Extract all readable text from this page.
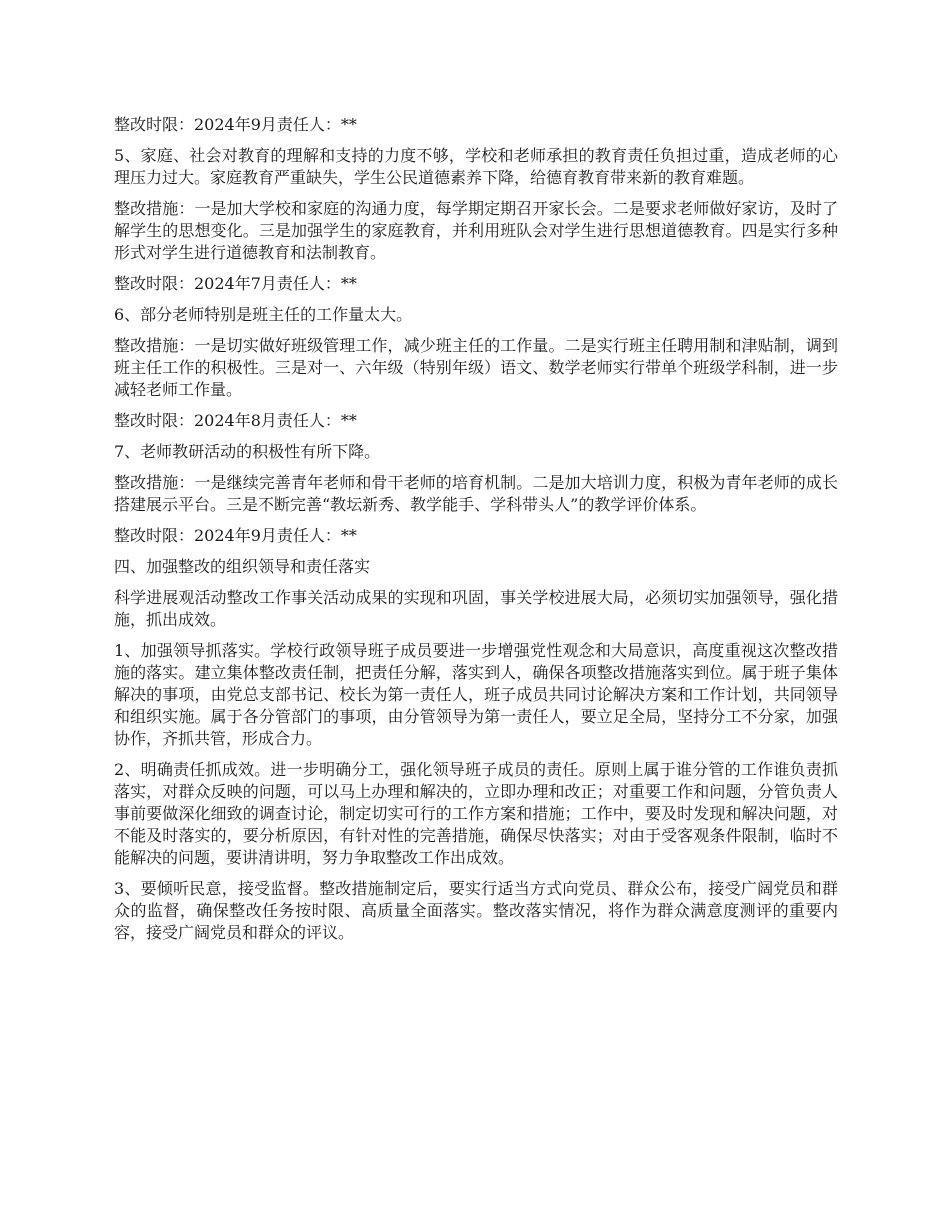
整改时限：2024年9月责任人：**

5、家庭、社会对教育的理解和支持的力度不够，学校和老师承担的教育责任负担过重，造成老师的心理压力过大。家庭教育严重缺失，学生公民道德素养下降，给德育教育带来新的教育难题。

整改措施：一是加大学校和家庭的沟通力度，每学期定期召开家长会。二是要求老师做好家访，及时了解学生的思想变化。三是加强学生的家庭教育，并利用班队会对学生进行思想道德教育。四是实行多种形式对学生进行道德教育和法制教育。

整改时限：2024年7月责任人：**

6、部分老师特别是班主任的工作量太大。

整改措施：一是切实做好班级管理工作，减少班主任的工作量。二是实行班主任聘用制和津贴制，调到班主任工作的积极性。三是对一、六年级（特别年级）语文、数学老师实行带单个班级学科制，进一步减轻老师工作量。

整改时限：2024年8月责任人：**

7、老师教研活动的积极性有所下降。

整改措施：一是继续完善青年老师和骨干老师的培育机制。二是加大培训力度，积极为青年老师的成长搭建展示平台。三是不断完善“教坛新秀、教学能手、学科带头人”的教学评价体系。

整改时限：2024年9月责任人：**

四、加强整改的组织领导和责任落实

科学进展观活动整改工作事关活动成果的实现和巩固，事关学校进展大局，必须切实加强领导，强化措施，抓出成效。

1、加强领导抓落实。学校行政领导班子成员要进一步增强党性观念和大局意识，高度重视这次整改措施的落实。建立集体整改责任制，把责任分解，落实到人，确保各项整改措施落实到位。属于班子集体解决的事项，由党总支部书记、校长为第一责任人，班子成员共同讨论解决方案和工作计划，共同领导和组织实施。属于各分管部门的事项，由分管领导为第一责任人，要立足全局，坚持分工不分家，加强协作，齐抓共管，形成合力。

2、明确责任抓成效。进一步明确分工，强化领导班子成员的责任。原则上属于谁分管的工作谁负责抓落实，对群众反映的问题，可以马上办理和解决的，立即办理和改正；对重要工作和问题，分管负责人事前要做深化细致的调查讨论，制定切实可行的工作方案和措施；工作中，要及时发现和解决问题，对不能及时落实的，要分析原因，有针对性的完善措施，确保尽快落实；对由于受客观条件限制，临时不能解决的问题，要讲清讲明，努力争取整改工作出成效。

3、要倾听民意，接受监督。整改措施制定后，要实行适当方式向党员、群众公布，接受广阔党员和群众的监督，确保整改任务按时限、高质量全面落实。整改落实情况，将作为群众满意度测评的重要内容，接受广阔党员和群众的评议。
